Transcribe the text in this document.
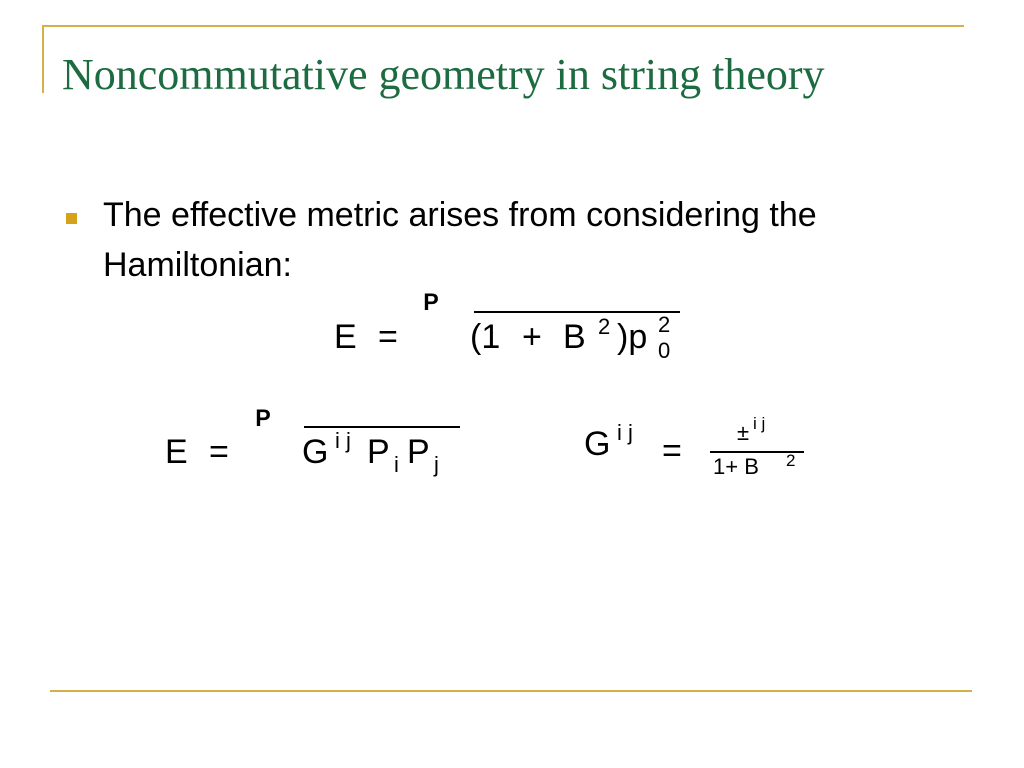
Noncommutative geometry in string theory
The effective metric arises from considering the Hamiltonian:
E =
ᴾ
(1 + B 2 )p 2
0
E =
ᴾ
G i j P i P j
G i j =	± i j
1+ B 2
